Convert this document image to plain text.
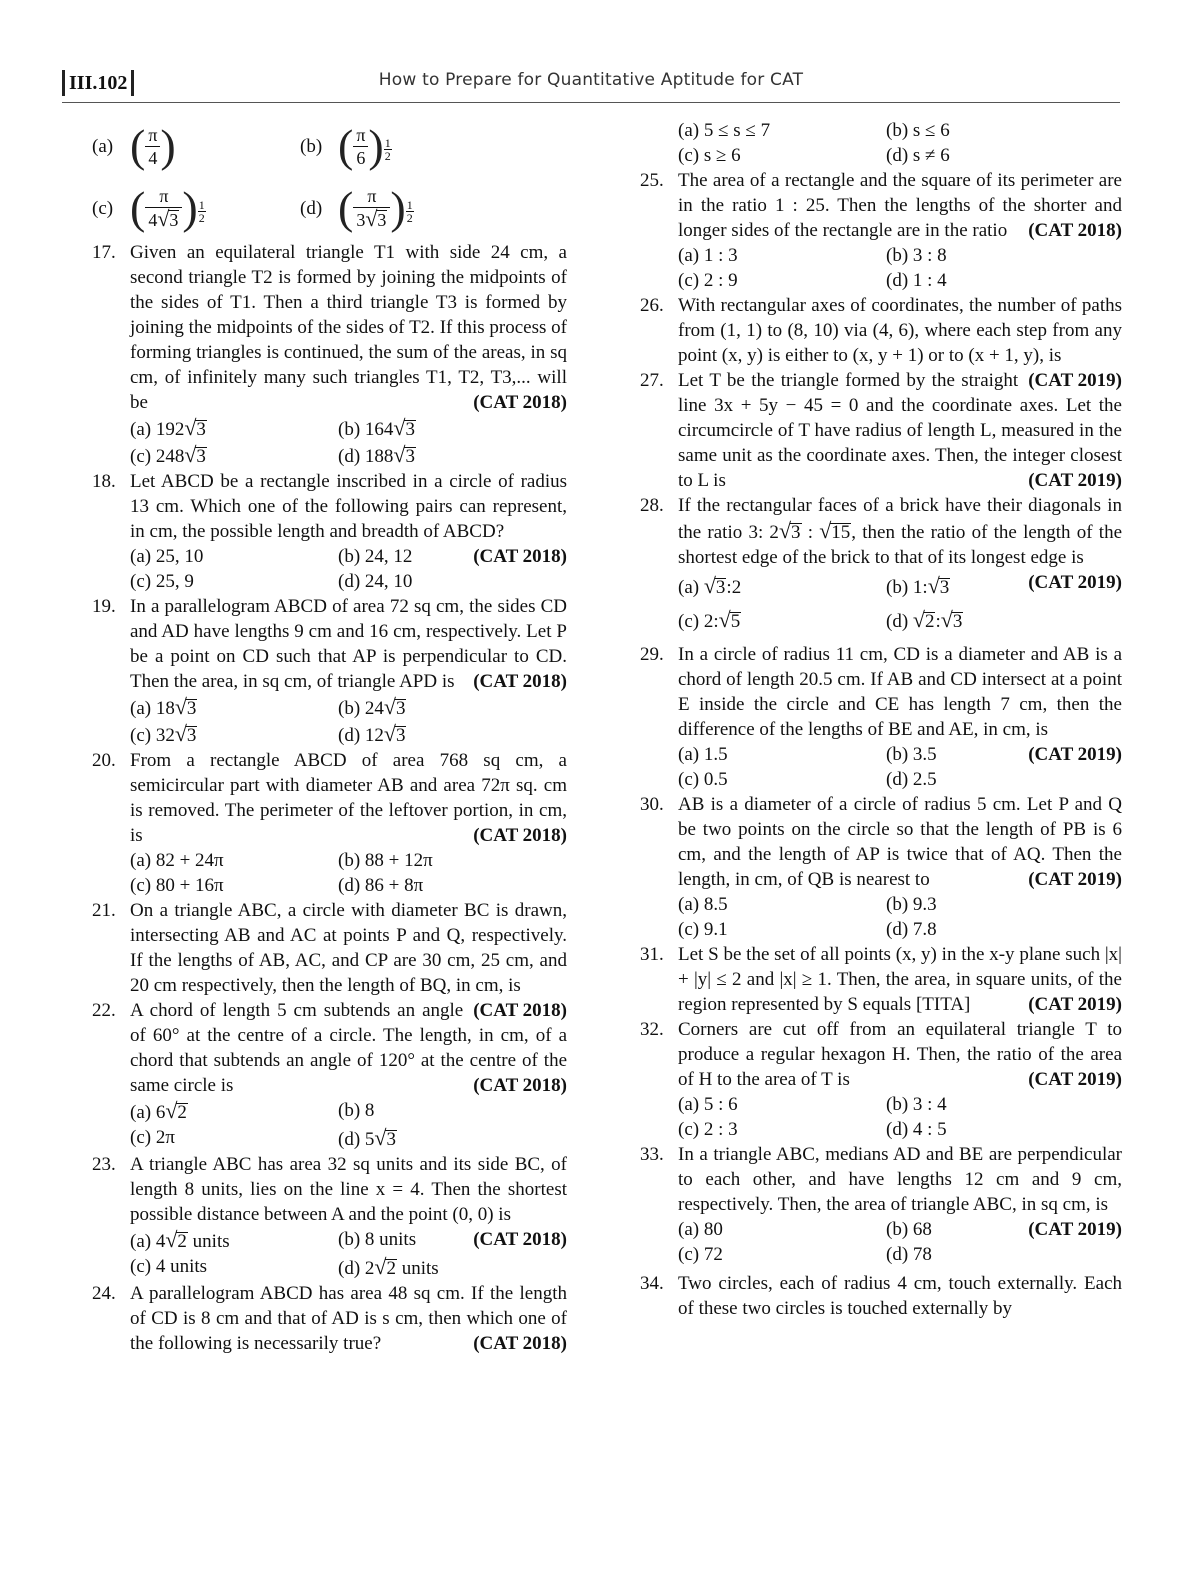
III.102	How to Prepare for Quantitative Aptitude for CAT
(a) ( $\frac{\pi}{4}$ )	(b) ( $\frac{\pi}{6}$ ) 1
2
(c) ( $\frac{\pi}{4√3}$ ) 1
2	(d) ( $\frac{\pi}{3√3}$ ) 1
2
17. Given an equilateral triangle T1 with side 24 cm, a second triangle T2 is formed by joining the midpoints of the sides of T1. Then a third triangle T3 is formed by joining the midpoints of the sides of T2. If this process of forming triangles is continued, the sum of the areas, in sq cm, of infinitely many such triangles T1, T2, T3,... will be	(CAT 2018)
(a) 192√3	(b) 164√3
(c) 248√3	(d) 188√3
18. Let ABCD be a rectangle inscribed in a circle of radius 13 cm. Which one of the following pairs can represent, in cm, the possible length and breadth of ABCD?
(CAT 2018)
(a) 25, 10	(b) 24, 12
(c) 25, 9	(d) 24, 10
19. In a parallelogram ABCD of area 72 sq cm, the sides CD and AD have lengths 9 cm and 16 cm, respectively. Let P be a point on CD such that AP is perpendicular to CD. Then the area, in sq cm, of triangle APD is (CAT 2018)
(a) 18√3	(b) 24√3
(c) 32√3	(d) 12√3
20. From a rectangle ABCD of area 768 sq cm, a semicircular part with diameter AB and area 72π sq. cm is removed. The perimeter of the leftover portion, in cm, is	(CAT 2018)
(a) 82 + 24π	(b) 88 + 12π
(c) 80 + 16π	(d) 86 + 8π
21. On a triangle ABC, a circle with diameter BC is drawn, intersecting AB and AC at points P and Q, respectively. If the lengths of AB, AC, and CP are 30 cm, 25 cm, and 20 cm respectively, then the length of BQ, in cm, is
(CAT 2018)
22. A chord of length 5 cm subtends an angle of 60° at the centre of a circle. The length, in cm, of a chord that subtends an angle of 120° at the centre of the same circle is	(CAT 2018)
(a) 6√2	(b) 8
(c) 2π	(d) 5√3
23. A triangle ABC has area 32 sq units and its side BC, of length 8 units, lies on the line x = 4. Then the shortest possible distance between A and the point (0, 0) is
(CAT 2018)
(a) 4√2 units	(b) 8 units
(c) 4 units	(d) 2√2 units
24. A parallelogram ABCD has area 48 sq cm. If the length of CD is 8 cm and that of AD is s cm, then which one of the following is necessarily true?	(CAT 2018)
(a) 5 ≤ s ≤ 7	(b) s ≤ 6
(c) s ≥ 6	(d) s ≠ 6
25. The area of a rectangle and the square of its perimeter are in the ratio 1 : 25. Then the lengths of the shorter and longer sides of the rectangle are in the ratio (CAT 2018)
(a) 1 : 3	(b) 3 : 8
(c) 2 : 9	(d) 1 : 4
26. With rectangular axes of coordinates, the number of paths from (1, 1) to (8, 10) via (4, 6), where each step from any point (x, y) is either to (x, y + 1) or to (x + 1, y), is
(CAT 2019)
27. Let T be the triangle formed by the straight line 3x + 5y − 45 = 0 and the coordinate axes. Let the circumcircle of T have radius of length L, measured in the same unit as the coordinate axes. Then, the integer closest to L is	(CAT 2019)
28. If the rectangular faces of a brick have their diagonals in the ratio 3: 2√3 : √15, then the ratio of the length of the shortest edge of the brick to that of its longest edge is
(CAT 2019)
(a) √3:2	(b) 1:√3
(c) 2:√5	(d) √2:√3
29. In a circle of radius 11 cm, CD is a diameter and AB is a chord of length 20.5 cm. If AB and CD intersect at a point E inside the circle and CE has length 7 cm, then the difference of the lengths of BE and AE, in cm, is
(CAT 2019)
(a) 1.5	(b) 3.5
(c) 0.5	(d) 2.5
30. AB is a diameter of a circle of radius 5 cm. Let P and Q be two points on the circle so that the length of PB is 6 cm, and the length of AP is twice that of AQ. Then the length, in cm, of QB is nearest to	(CAT 2019)
(a) 8.5	(b) 9.3
(c) 9.1	(d) 7.8
31. Let S be the set of all points (x, y) in the x-y plane such |x| + |y| ≤ 2 and |x| ≥ 1. Then, the area, in square units, of the region represented by S equals [TITA]	(CAT 2019)
32. Corners are cut off from an equilateral triangle T to produce a regular hexagon H. Then, the ratio of the area of H to the area of T is	(CAT 2019)
(a) 5 : 6	(b) 3 : 4
(c) 2 : 3	(d) 4 : 5
33. In a triangle ABC, medians AD and BE are perpendicular to each other, and have lengths 12 cm and 9 cm, respectively. Then, the area of triangle ABC, in sq cm, is
(CAT 2019)
(a) 80	(b) 68
(c) 72	(d) 78
34. Two circles, each of radius 4 cm, touch externally. Each of these two circles is touched externally by
